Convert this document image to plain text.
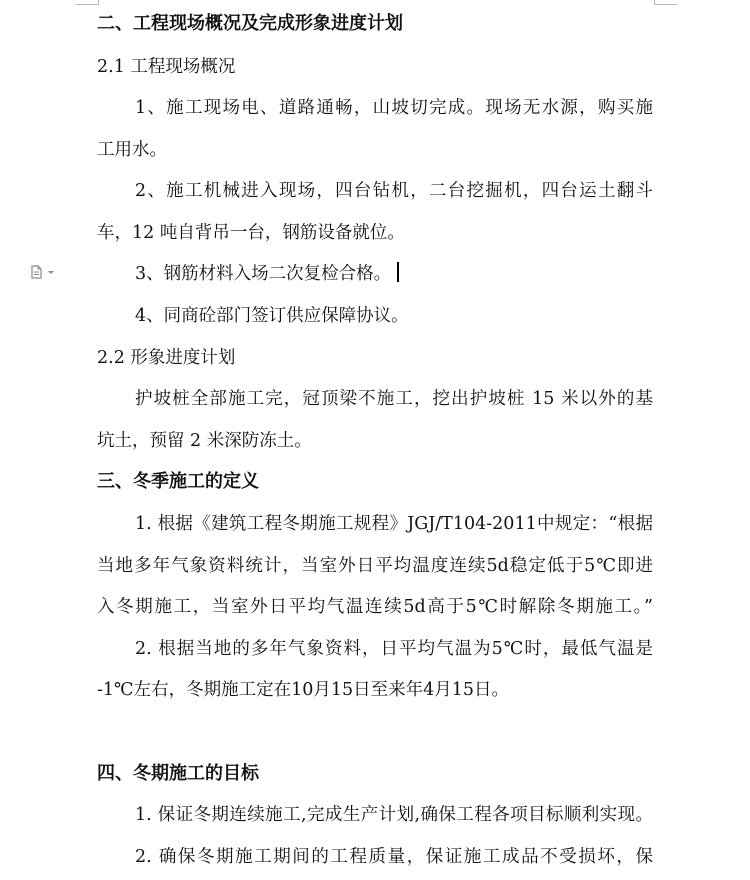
二、工程现场概况及完成形象进度计划
2.1 工程现场概况
1、施工现场电、道路通畅，山坡切完成。现场无水源，购买施
工用水。
2、施工机械进入现场，四台钻机，二台挖掘机，四台运土翻斗
车，12 吨自背吊一台，钢筋设备就位。
3、钢筋材料入场二次复检合格。
4、同商砼部门签订供应保障协议。
2.2 形象进度计划
护坡桩全部施工完，冠顶梁不施工，挖出护坡桩 15 米以外的基
坑土，预留 2 米深防冻土。
三、冬季施工的定义
1. 根据《建筑工程冬期施工规程》JGJ/T104-2011中规定：“根据
当地多年气象资料统计，当室外日平均温度连续5d稳定低于5℃即进
入冬期施工，当室外日平均气温连续5d高于5℃时解除冬期施工。”
2. 根据当地的多年气象资料，日平均气温为5℃时，最低气温是
-1℃左右，冬期施工定在10月15日至来年4月15日。
四、冬期施工的目标
1. 保证冬期连续施工,完成生产计划,确保工程各项目标顺利实现。
2. 确保冬期施工期间的工程质量，保证施工成品不受损坏，保
